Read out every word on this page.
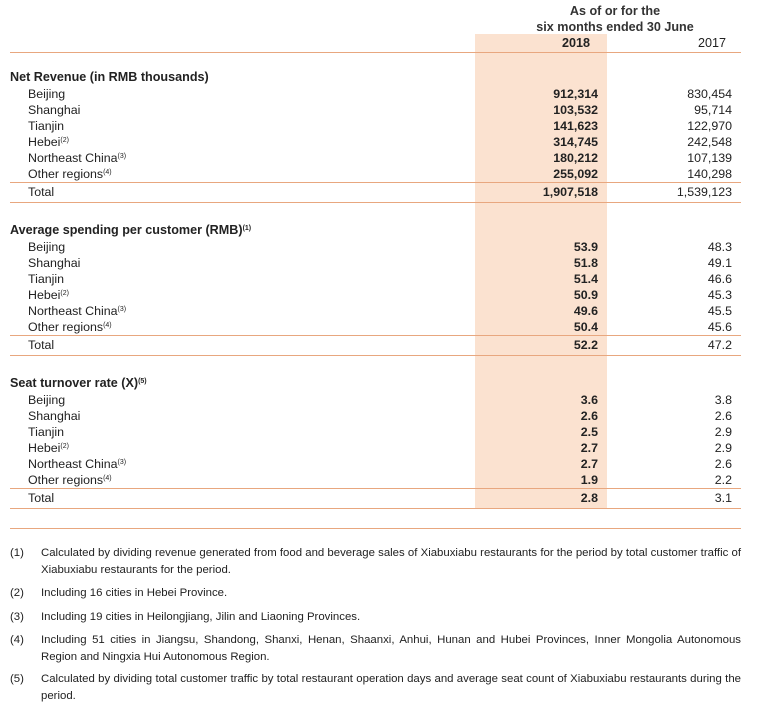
As of or for the
six months ended 30 June
2018	2017
Net Revenue (in RMB thousands)
Beijing	912,314	830,454
Shanghai	103,532	95,714
Tianjin	141,623	122,970
Hebei$^{(2)}$	314,745	242,548
Northeast China$^{(3)}$	180,212	107,139
Other regions$^{(4)}$	255,092	140,298
Total	1,907,518	1,539,123
Average spending per customer (RMB)$^{(1)}$
Beijing	53.9	48.3
Shanghai	51.8	49.1
Tianjin	51.4	46.6
Hebei$^{(2)}$	50.9	45.3
Northeast China$^{(3)}$	49.6	45.5
Other regions$^{(4)}$	50.4	45.6
Total	52.2	47.2
Seat turnover rate $(X)^{(5)}$
Beijing	3.6	3.8
Shanghai	2.6	2.6
Tianjin	2.5	2.9
Hebei$^{(2)}$	2.7	2.9
Northeast China$^{(3)}$	2.7	2.6
Other regions$^{(4)}$	1.9	2.2
Total	2.8	3.1
(1) Calculated by dividing revenue generated from food and beverage sales of Xiabuxiabu restaurants for the period by total customer traffic of Xiabuxiabu restaurants for the period.
(2) Including 16 cities in Hebei Province.
(3) Including 19 cities in Heilongjiang, Jilin and Liaoning Provinces.
(4) Including 51 cities in Jiangsu, Shandong, Shanxi, Henan, Shaanxi, Anhui, Hunan and Hubei Provinces, Inner Mongolia Autonomous Region and Ningxia Hui Autonomous Region.
(5) Calculated by dividing total customer traffic by total restaurant operation days and average seat count of Xiabuxiabu restaurants during the period.
